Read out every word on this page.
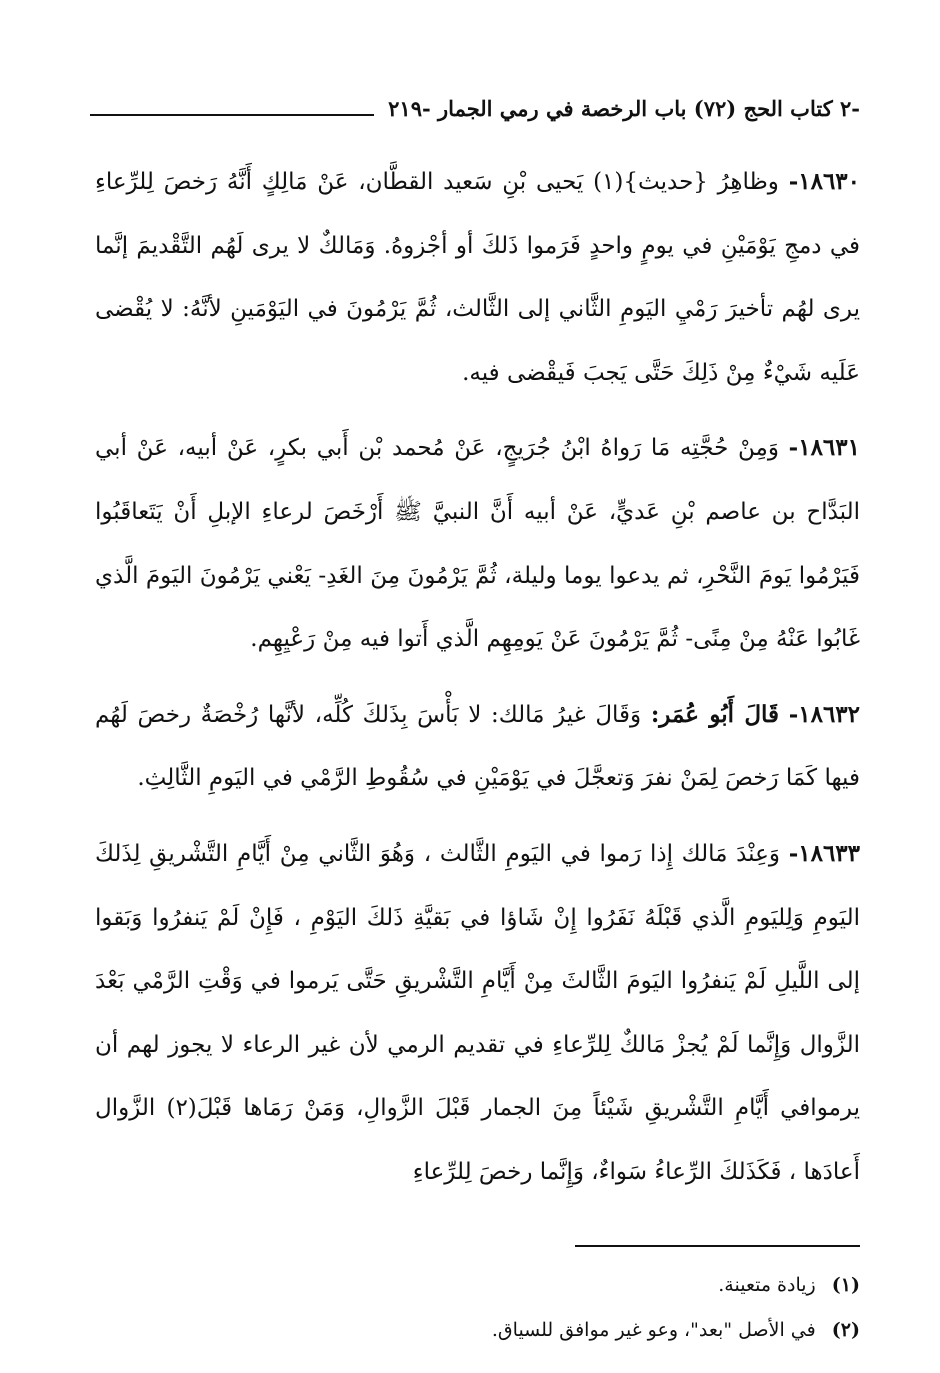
-٢ كتاب الحج (٧٢) باب الرخصة في رمي الجمار -٢١٩

١٨٦٣٠- وظاهِرُ {حديث}(١) يَحيى بْنِ سَعيد القطَّان، عَنْ مَالِكٍ أَنَّهُ رَخصَ لِلرِّعاءِ في دمجِ يَوْمَيْنِ في يومٍ واحدٍ فَرَموا ذَلكَ أو أجْزوهُ. وَمَالكٌ لا يرى لَهُم التَّقْديمَ إنَّما يرى لهُم تأخيرَ رَمْيِ اليَومِ الثَّاني إلى الثَّالث، ثُمَّ يَرْمُونَ في اليَوْمَينِ لأنَّهُ: لا يُقْضى عَلَيه شَيْءٌ مِنْ ذَلِكَ حَتَّى يَجبَ فَيقْضى فيه.

١٨٦٣١- وَمِنْ حُجَّتِه مَا رَواهُ ابْنُ جُرَيجٍ، عَنْ مُحمد بْن أَبي بكرٍ، عَنْ أبيه، عَنْ أبي البَدَّاح بن عاصم بْنِ عَديٍّ، عَنْ أبيه أَنَّ النبيَّ ﷺ أَرْخَصَ لرعاءِ الإبلِ أَنْ يَتَعاقَبُوا فَيَرْمُوا يَومَ النَّحْرِ، ثم يدعوا يوما وليلة، ثُمَّ يَرْمُونَ مِنَ الغَدِ- يَعْني يَرْمُونَ اليَومَ الَّذي غَابُوا عَنْهُ مِنْ مِنًى- ثُمَّ يَرْمُونَ عَنْ يَومِهِم الَّذي أَتوا فيه مِنْ رَعْيِهِم.

١٨٦٣٢- قَالَ أَبُو عُمَر: وَقَالَ غيرُ مَالك: لا بَأْسَ بِذَلكَ كُلِّه، لأنَّها رُخْصَةٌ رخصَ لَهُم فيها كَمَا رَخصَ لِمَنْ نفرَ وَتعجَّلَ في يَوْمَيْنِ في سُقُوطِ الرَّمْي في اليَومِ الثَّالِثِ.

١٨٦٣٣- وَعِنْدَ مَالك إِذا رَموا في اليَومِ الثَّالث ، وَهُوَ الثَّاني مِنْ أَيَّامِ التَّشْريقِ لِذَلكَ اليَومِ وَلِليَومِ الَّذي قَبْلَهُ نَفَرُوا إِنْ شَاؤا في بَقيَّةِ ذَلكَ اليَوْمِ ، فَإِنْ لَمْ يَنفرُوا وَبَقوا إلى اللَّيلِ لَمْ يَنفرُوا اليَومَ الثَّالثَ مِنْ أَيَّامِ التَّشْريقِ حَتَّى يَرموا في وَقْتِ الرَّمْي بَعْدَ الزَّوال وَإِنَّما لَمْ يُجزْ مَالكٌ لِلرِّعاءِ في تقديم الرمي لأن غير الرعاء لا يجوز لهم أن يرموافي أَيَّامِ التَّشْريقِ شَيْئاً مِنَ الجمار قَبْلَ الزَّوالِ، وَمَنْ رَمَاها قَبْلَ(٢) الزَّوال أَعادَها ، فَكَذَلكَ الرِّعاءُ سَواءٌ، وَإِنَّما رخصَ لِلرِّعاءِ

(١) زيادة متعينة.

(٢) في الأصل "بعد"، وعو غير موافق للسياق.
